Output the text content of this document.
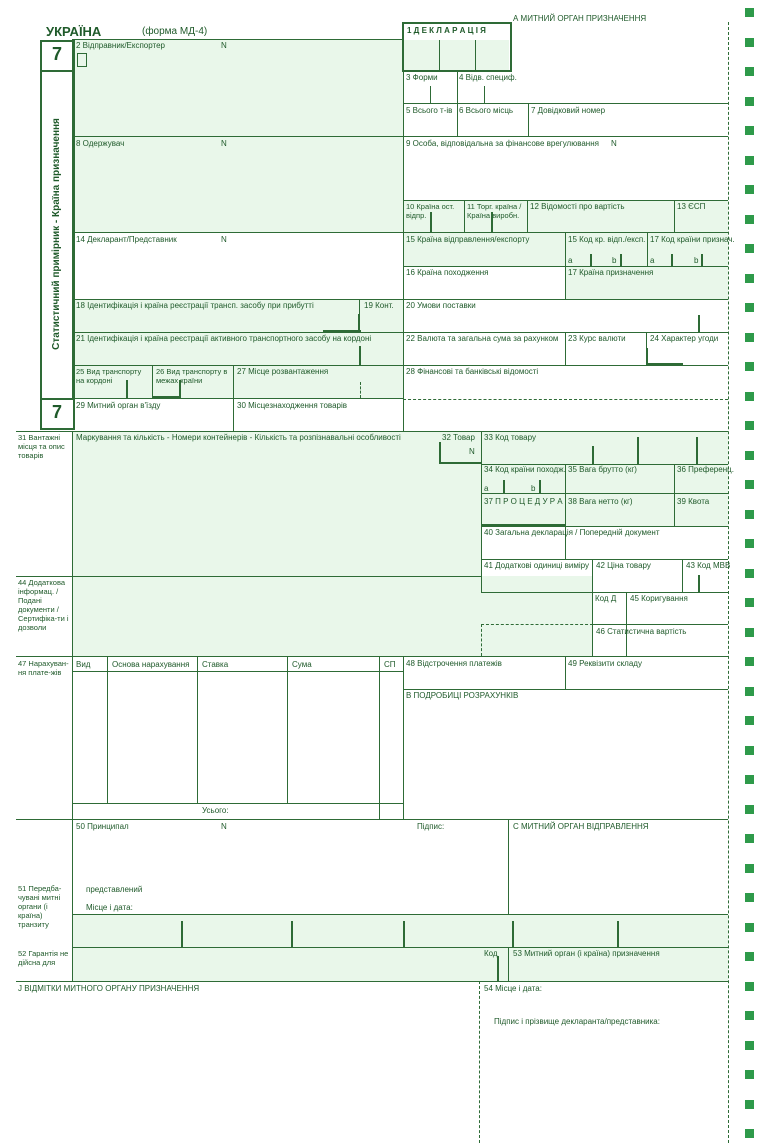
УКРАЇНА	(форма МД-4)
7
Статистичний примірник - Країна призначення
7
А МИТНИЙ ОРГАН ПРИЗНАЧЕННЯ
1 Д Е К Л А Р А Ц І Я
2 Відправник/Експортер	N
3 Форми	4 Відв. специф.
5 Всього т-ів 6 Всього місць 7 Довідковий номер
8 Одержувач	N	9 Особа, відповідальна за фінансове врегулювання N
10 Країна ост. відпр.
11 Торг. країна / Країна виробн.
12 Відомості про вартість	13 ЄСП
14 Декларант/Представник	N	15 Країна відправлення/експорту	15 Код кр. відп./експ. 17 Код країни признач.
a	b	a	b
16 Країна походження	17 Країна призначення
18 Ідентифікація і країна реєстрації трансп. засобу при прибутті	19 Конт. 20 Умови поставки
21 Ідентифікація і країна реєстрації активного транспортного засобу на кордоні	22 Валюта та загальна сума за рахунком 23 Курс валюти	24 Характер угоди
25 Вид транспорту на кордоні
26 Вид транспорту в межах країни
27 Місце розвантаження	28 Фінансові та банківські відомості
29 Митний орган в'їзду	30 Місцезнаходження товарів
31 Вантажні місця та опис товарів
Маркування та кількість - Номери контейнерів - Кількість та розпізнавальні особливості	32 Товар
N
33 Код товару
34 Код країни походж.
a	b
35 Вага брутто (кг)	36 Преференц.
37 П Р О Ц Е Д У Р А 38 Вага нетто (кг)	39 Квота
40 Загальна декларація / Попередній документ
41 Додаткові одиниці виміру 42 Ціна товару	43 Код МВВ
44 Додаткова інформац. / Подані документи / Сертифіка-ти і дозволи
Код Д 45 Коригування
46 Статистична вартість
47 Нарахуван-ня плате-жів
Вид	Основа нарахування Ставка	Сума	СП
Усього:
48 Відстрочення платежів	49 Реквізити складу
В ПОДРОБИЦІ РОЗРАХУНКІВ
50 Принципал	N	Підпис:	С МИТНИЙ ОРГАН ВІДПРАВЛЕННЯ
представлений
Місце і дата:
51 Передба-чувані митні органи (і країна) транзиту
52 Гарантія не дійсна для
Код 53 Митний орган (і країна) призначення
J ВІДМІТКИ МИТНОГО ОРГАНУ ПРИЗНАЧЕННЯ	54 Місце і дата:
Підпис і прізвище декларанта/представника:
